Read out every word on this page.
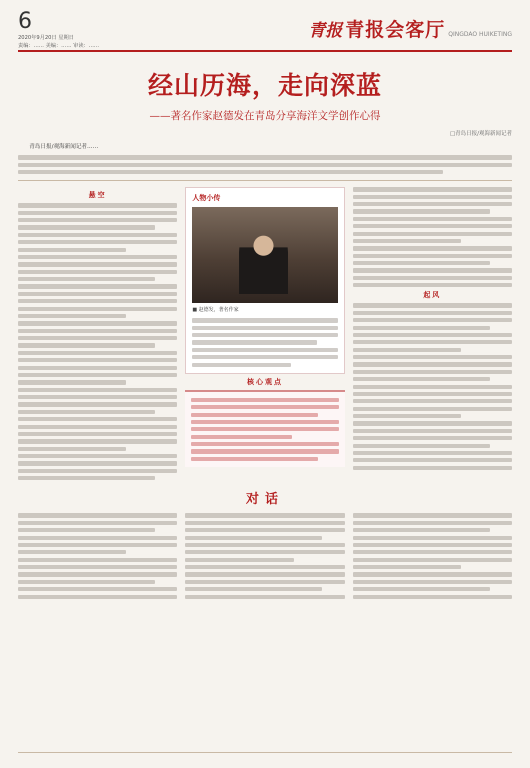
6
2020年9月20日 星期日
责编：…… 美编：…… 审读：……
青报 青报会客厅 QINGDAO HUIKETING
经山历海，走向深蓝
——著名作家赵德发在青岛分享海洋文学创作心得
□青岛日报/观海新闻记者
青岛日报/观海新闻记者……
悬空	人物小传
■ 赵德发，著名作家
核心观点
起风
对话
